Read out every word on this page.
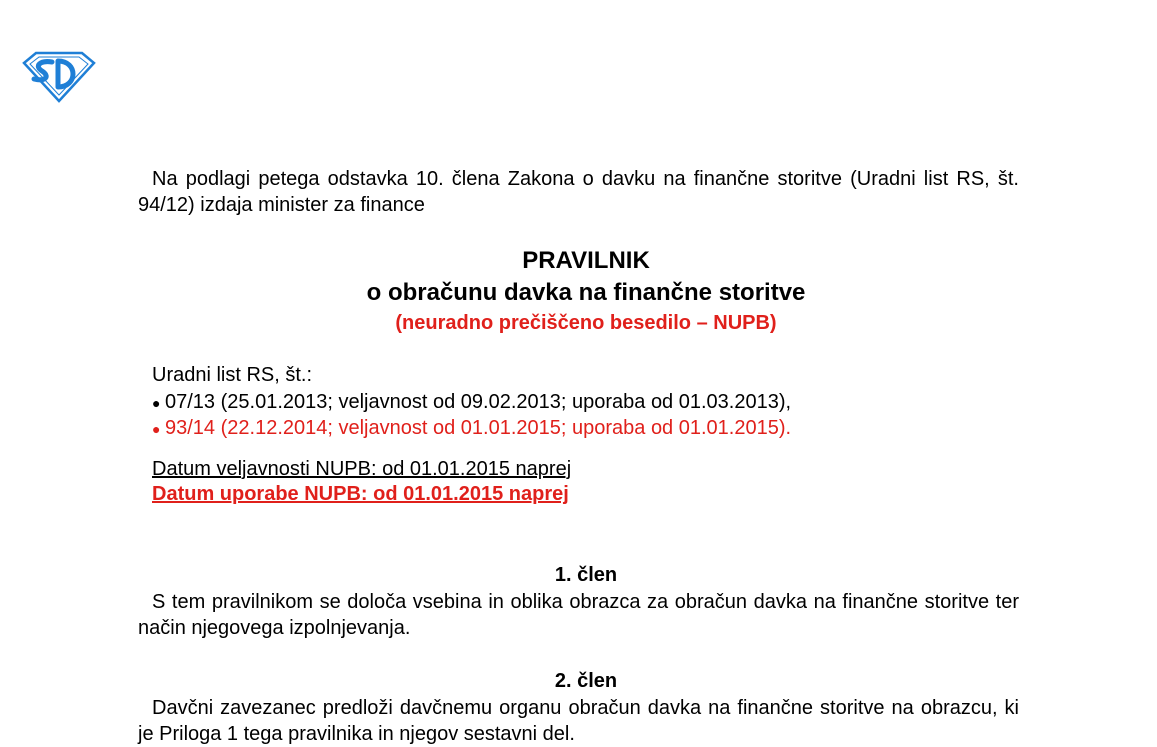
Na podlagi petega odstavka 10. člena Zakona o davku na finančne storitve (Uradni list RS, št. 94/12) izdaja minister za finance
PRAVILNIK
o obračunu davka na finančne storitve
(neuradno prečiščeno besedilo – NUPB)
Uradni list RS, št.:
● 07/13 (25.01.2013; veljavnost od 09.02.2013; uporaba od 01.03.2013),
● 93/14 (22.12.2014; veljavnost od 01.01.2015; uporaba od 01.01.2015).
Datum veljavnosti NUPB: od 01.01.2015 naprej
Datum uporabe NUPB: od 01.01.2015 naprej
1. člen
S tem pravilnikom se določa vsebina in oblika obrazca za obračun davka na finančne storitve ter način njegovega izpolnjevanja.
2. člen
Davčni zavezanec predloži davčnemu organu obračun davka na finančne storitve na obrazcu, ki je Priloga 1 tega pravilnika in njegov sestavni del.
